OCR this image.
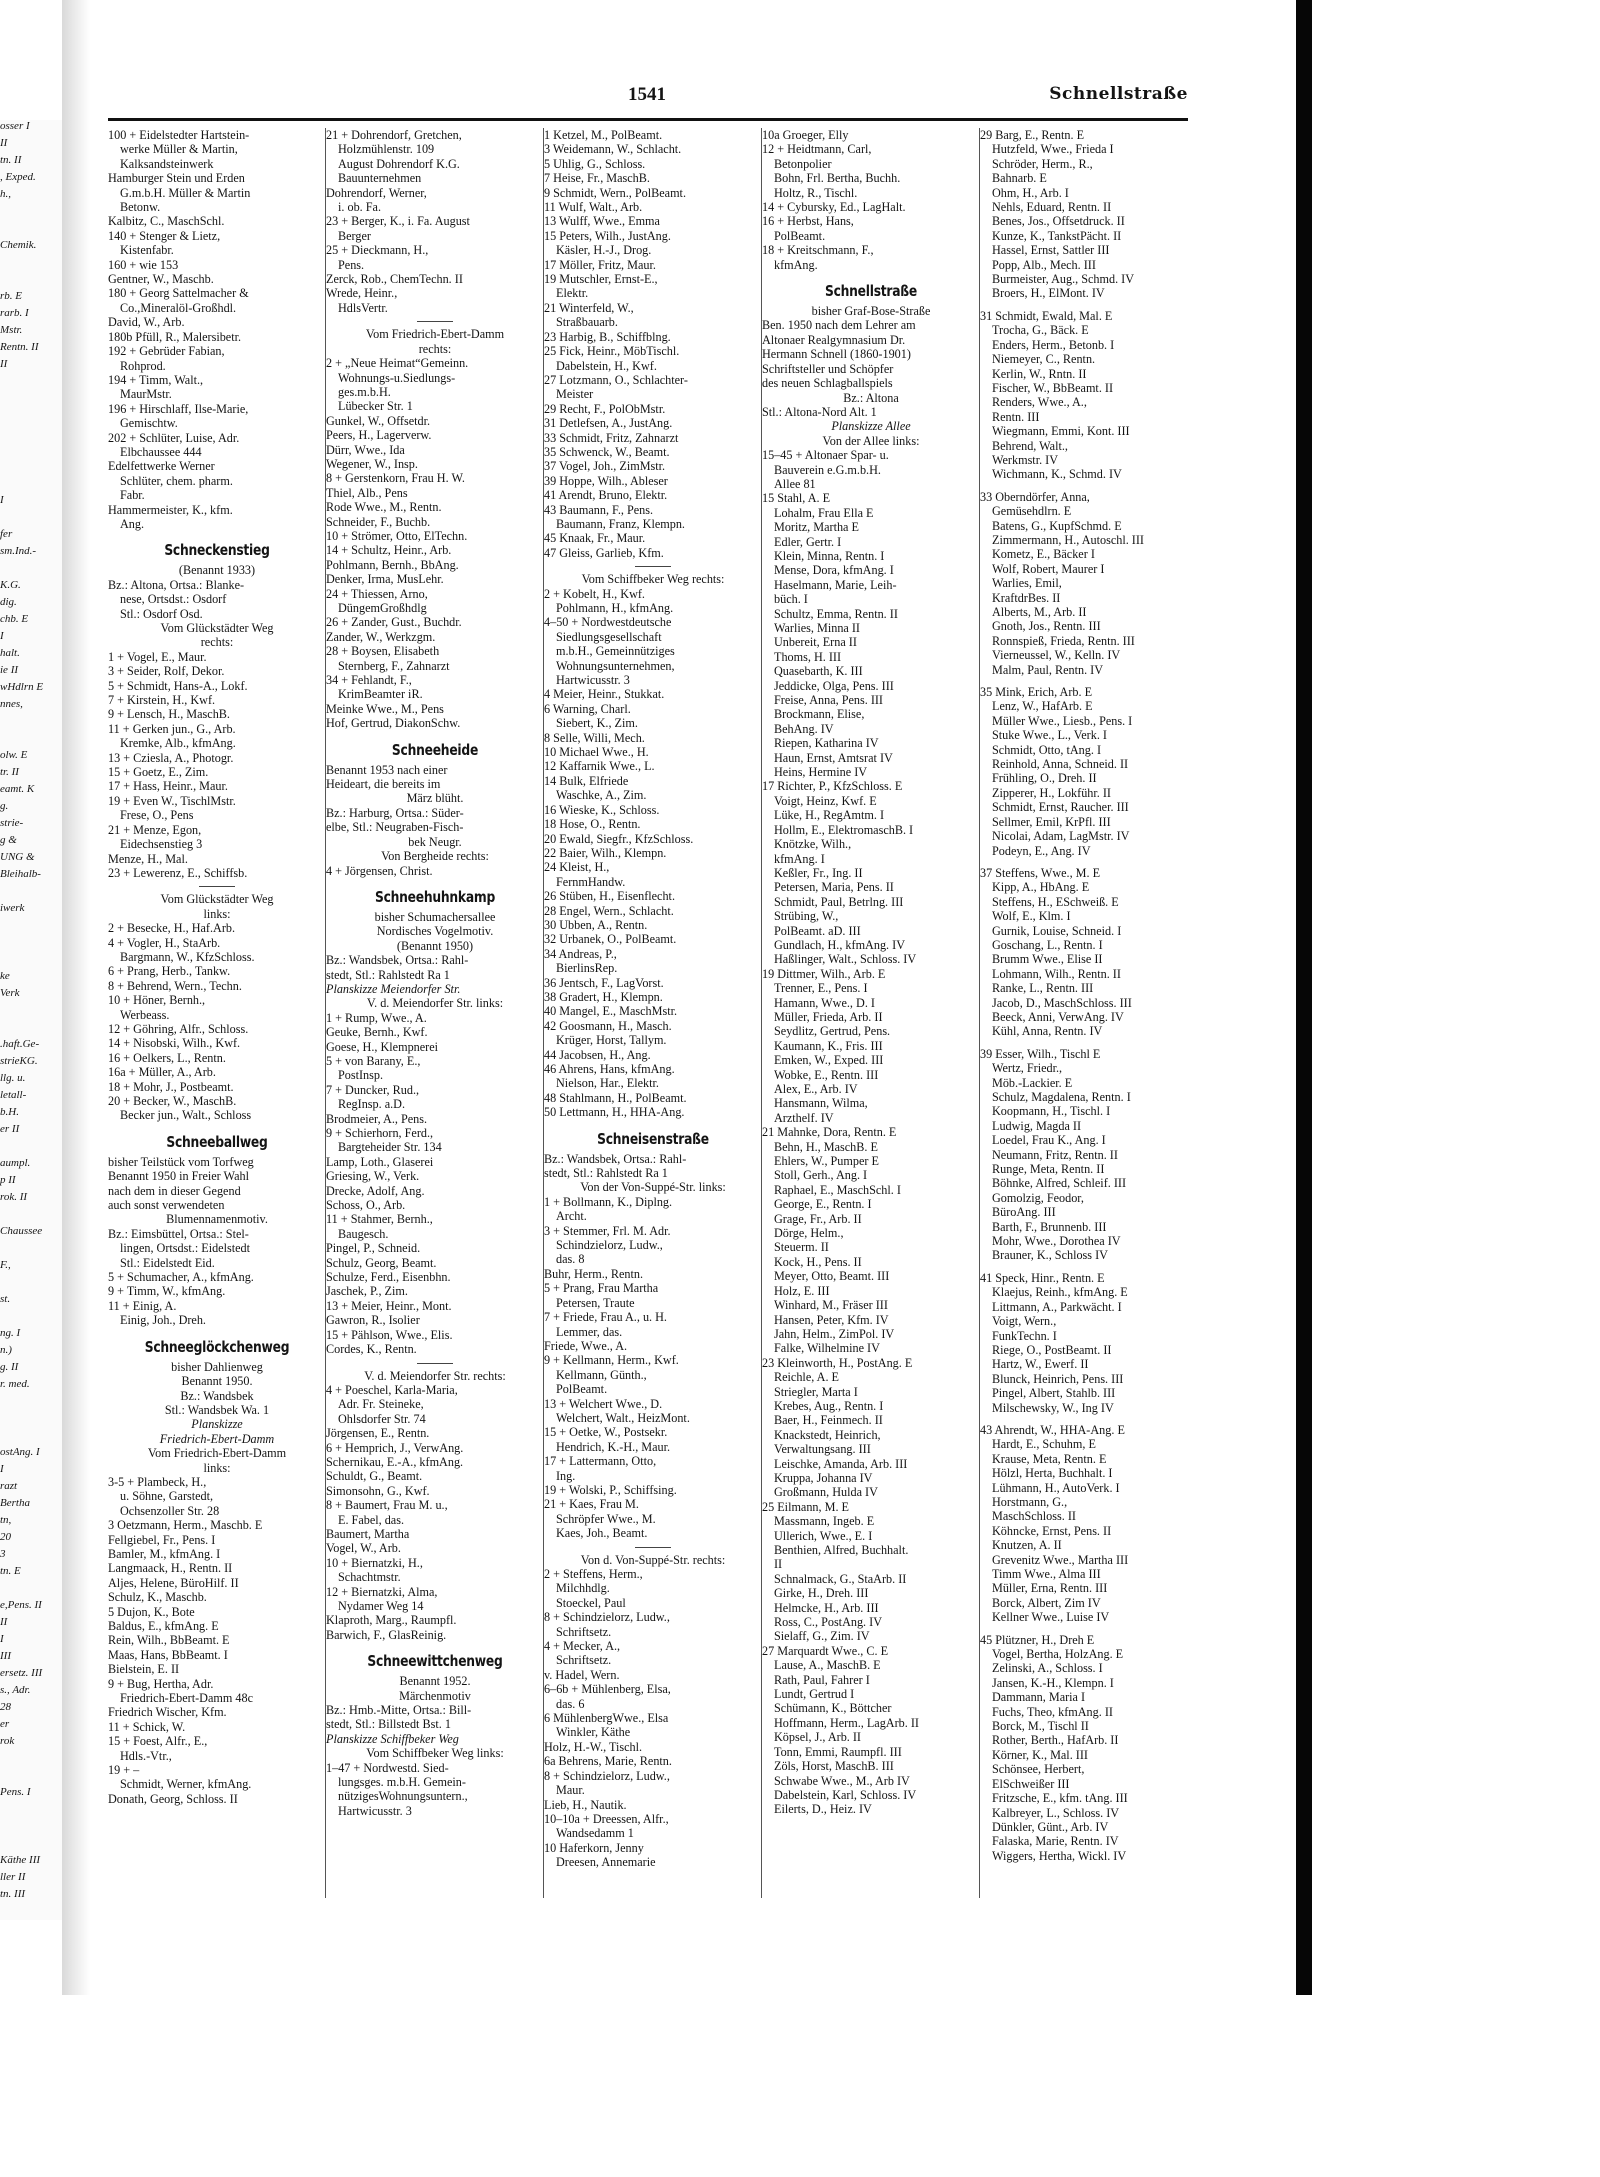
osser I
II
tn. II
, Exped.
h.,
Chemik.
rb. E
rarb. I
Mstr.
Rentn. II
II
I
fer
sm.Ind.-
K.G.
dig.
chb. E
I
halt.
ie II
wHdlrn E
nnes,
olw. E
tr. II
eamt. K
g.
strie-
g &
UNG &
Bleihalb-
iwerk
ke
Verk
.haft.Ge-
strieKG.
llg. u.
letall-
b.H.
er II
aumpl.
p II
rok. II
Chaussee
F.,
st.
ng. I
n.)
g. II
r. med.
ostAng. I
I
razt
Bertha
tn,
20
3
tn. E
e,Pens. II
II
I
III
ersetz. III
s., Adr.
28
er
rok
Pens. I
Käthe III
ller II
tn. III
1541	Schnellstraße
100 + Eidelstedter Hartstein-
werke Müller & Martin,
Kalksandsteinwerk
Hamburger Stein und Erden
G.m.b.H. Müller & Martin
Betonw.
Kalbitz, C., MaschSchl.
140 + Stenger & Lietz,
Kistenfabr.
160 + wie 153
Gentner, W., Maschb.
180 + Georg Sattelmacher &
Co.,Mineralöl-Großhdl.
David, W., Arb.
180b Pfüll, R., Malersibetr.
192 + Gebrüder Fabian,
Rohprod.
194 + Timm, Walt.,
MaurMstr.
196 + Hirschlaff, Ilse-Marie,
Gemischtw.
202 + Schlüter, Luise, Adr.
Elbchaussee 444
Edelfettwerke Werner
Schlüter, chem. pharm.
Fabr.
Hammermeister, K., kfm.
Ang.
Schneckenstieg
(Benannt 1933)
Bz.: Altona, Ortsa.: Blanke-
nese, Ortsdst.: Osdorf
Stl.: Osdorf Osd.
Vom Glückstädter Weg
rechts:
1 + Vogel, E., Maur.
3 + Seider, Rolf, Dekor.
5 + Schmidt, Hans-A., Lokf.
7 + Kirstein, H., Kwf.
9 + Lensch, H., MaschB.
11 + Gerken jun., G., Arb.
Kremke, Alb., kfmAng.
13 + Cziesla, A., Photogr.
15 + Goetz, E., Zim.
17 + Hass, Heinr., Maur.
19 + Even W., TischlMstr.
Frese, O., Pens
21 + Menze, Egon,
Eidechsenstieg 3
Menze, H., Mal.
23 + Lewerenz, E., Schiffsb.
Vom Glückstädter Weg
links:
2 + Besecke, H., Haf.Arb.
4 + Vogler, H., StaArb.
Bargmann, W., KfzSchloss.
6 + Prang, Herb., Tankw.
8 + Behrend, Wern., Techn.
10 + Höner, Bernh.,
Werbeass.
12 + Göhring, Alfr., Schloss.
14 + Nisobski, Wilh., Kwf.
16 + Oelkers, L., Rentn.
16a + Müller, A., Arb.
18 + Mohr, J., Postbeamt.
20 + Becker, W., MaschB.
Becker jun., Walt., Schloss
Schneeballweg
bisher Teilstück vom Torfweg
Benannt 1950 in Freier Wahl
nach dem in dieser Gegend
auch sonst verwendeten
Blumennamenmotiv.
Bz.: Eimsbüttel, Ortsa.: Stel-
lingen, Ortsdst.: Eidelstedt
Stl.: Eidelstedt Eid.
5 + Schumacher, A., kfmAng.
9 + Timm, W., kfmAng.
11 + Einig, A.
Einig, Joh., Dreh.
Schneeglöckchenweg
bisher Dahlienweg
Benannt 1950.
Bz.: Wandsbek
Stl.: Wandsbek Wa. 1
Planskizze
Friedrich-Ebert-Damm
Vom Friedrich-Ebert-Damm
links:
3-5 + Plambeck, H.,
u. Söhne, Garstedt,
Ochsenzoller Str. 28
3 Oetzmann, Herm., Maschb. E
Fellgiebel, Fr., Pens. I
Bamler, M., kfmAng. I
Langmaack, H., Rentn. II
Aljes, Helene, BüroHilf. II
Schulz, K., Maschb.
5 Dujon, K., Bote
Baldus, E., kfmAng. E
Rein, Wilh., BbBeamt. E
Maas, Hans, BbBeamt. I
Bielstein, E. II
9 + Bug, Hertha, Adr.
Friedrich-Ebert-Damm 48c
Friedrich Wischer, Kfm.
11 + Schick, W.
15 + Foest, Alfr., E.,
Hdls.-Vtr.,
19 + –
Schmidt, Werner, kfmAng.
Donath, Georg, Schloss. II
21 + Dohrendorf, Gretchen,
Holzmühlenstr. 109
August Dohrendorf K.G.
Bauunternehmen
Dohrendorf, Werner,
i. ob. Fa.
23 + Berger, K., i. Fa. August
Berger
25 + Dieckmann, H.,
Pens.
Zerck, Rob., ChemTechn. II
Wrede, Heinr.,
HdlsVertr.
Vom Friedrich-Ebert-Damm
rechts:
2 + „Neue Heimat“Gemeinn.
Wohnungs-u.Siedlungs-
ges.m.b.H.
Lübecker Str. 1
Gunkel, W., Offsetdr.
Peers, H., Lagerverw.
Dürr, Wwe., Ida
Wegener, W., Insp.
8 + Gerstenkorn, Frau H. W.
Thiel, Alb., Pens
Rode Wwe., M., Rentn.
Schneider, F., Buchb.
10 + Strömer, Otto, ElTechn.
14 + Schultz, Heinr., Arb.
Pohlmann, Bernh., BbAng.
Denker, Irma, MusLehr.
24 + Thiessen, Arno,
DüngemGroßhdlg
26 + Zander, Gust., Buchdr.
Zander, W., Werkzgm.
28 + Boysen, Elisabeth
Sternberg, F., Zahnarzt
34 + Fehlandt, F.,
KrimBeamter iR.
Meinke Wwe., M., Pens
Hof, Gertrud, DiakonSchw.
Schneeheide
Benannt 1953 nach einer
Heideart, die bereits im
März blüht.
Bz.: Harburg, Ortsa.: Süder-
elbe, Stl.: Neugraben-Fisch-
bek Neugr.
Von Bergheide rechts:
4 + Jörgensen, Christ.
Schneehuhnkamp
bisher Schumachersallee
Nordisches Vogelmotiv.
(Benannt 1950)
Bz.: Wandsbek, Ortsa.: Rahl-
stedt, Stl.: Rahlstedt Ra 1
Planskizze Meiendorfer Str.
V. d. Meiendorfer Str. links:
1 + Rump, Wwe., A.
Geuke, Bernh., Kwf.
Goese, H., Klempnerei
5 + von Barany, E.,
PostInsp.
7 + Duncker, Rud.,
RegInsp. a.D.
Brodmeier, A., Pens.
9 + Schierhorn, Ferd.,
Bargteheider Str. 134
Lamp, Loth., Glaserei
Griesing, W., Verk.
Drecke, Adolf, Ang.
Schoss, O., Arb.
11 + Stahmer, Bernh.,
Baugesch.
Pingel, P., Schneid.
Schulz, Georg, Beamt.
Schulze, Ferd., Eisenbhn.
Jaschek, P., Zim.
13 + Meier, Heinr., Mont.
Gawron, R., Isolier
15 + Pählson, Wwe., Elis.
Cordes, K., Rentn.
V. d. Meiendorfer Str. rechts:
4 + Poeschel, Karla-Maria,
Adr. Fr. Steineke,
Ohlsdorfer Str. 74
Jörgensen, E., Rentn.
6 + Hemprich, J., VerwAng.
Schernikau, E.-A., kfmAng.
Schuldt, G., Beamt.
Simonsohn, G., Kwf.
8 + Baumert, Frau M. u.,
E. Fabel, das.
Baumert, Martha
Vogel, W., Arb.
10 + Biernatzki, H.,
Schachtmstr.
12 + Biernatzki, Alma,
Nydamer Weg 14
Klaproth, Marg., Raumpfl.
Barwich, F., GlasReinig.
Schneewittchenweg
Benannt 1952.
Märchenmotiv
Bz.: Hmb.-Mitte, Ortsa.: Bill-
stedt, Stl.: Billstedt Bst. 1
Planskizze Schiffbeker Weg
Vom Schiffbeker Weg links:
1–47 + Nordwestd. Sied-
lungsges. m.b.H. Gemein-
nützigesWohnungsuntern.,
Hartwicusstr. 3
1 Ketzel, M., PolBeamt.
3 Weidemann, W., Schlacht.
5 Uhlig, G., Schloss.
7 Heise, Fr., MaschB.
9 Schmidt, Wern., PolBeamt.
11 Wulf, Walt., Arb.
13 Wulff, Wwe., Emma
15 Peters, Wilh., JustAng.
Käsler, H.-J., Drog.
17 Möller, Fritz, Maur.
19 Mutschler, Ernst-E.,
Elektr.
21 Winterfeld, W.,
Straßbauarb.
23 Harbig, B., Schiffblng.
25 Fick, Heinr., MöbTischl.
Dabelstein, H., Kwf.
27 Lotzmann, O., Schlachter-
Meister
29 Recht, F., PolObMstr.
31 Detlefsen, A., JustAng.
33 Schmidt, Fritz, Zahnarzt
35 Schwenck, W., Beamt.
37 Vogel, Joh., ZimMstr.
39 Hoppe, Wilh., Ableser
41 Arendt, Bruno, Elektr.
43 Baumann, F., Pens.
Baumann, Franz, Klempn.
45 Knaak, Fr., Maur.
47 Gleiss, Garlieb, Kfm.
Vom Schiffbeker Weg rechts:
2 + Kobelt, H., Kwf.
Pohlmann, H., kfmAng.
4–50 + Nordwestdeutsche
Siedlungsgesellschaft
m.b.H., Gemeinnütziges
Wohnungsunternehmen,
Hartwicusstr. 3
4 Meier, Heinr., Stukkat.
6 Warning, Charl.
Siebert, K., Zim.
8 Selle, Willi, Mech.
10 Michael Wwe., H.
12 Kaffarnik Wwe., L.
14 Bulk, Elfriede
Waschke, A., Zim.
16 Wieske, K., Schloss.
18 Hose, O., Rentn.
20 Ewald, Siegfr., KfzSchloss.
22 Baier, Wilh., Klempn.
24 Kleist, H.,
FernmHandw.
26 Stüben, H., Eisenflecht.
28 Engel, Wern., Schlacht.
30 Ubben, A., Rentn.
32 Urbanek, O., PolBeamt.
34 Andreas, P.,
BierlinsRep.
36 Jentsch, F., LagVorst.
38 Gradert, H., Klempn.
40 Mangel, E., MaschMstr.
42 Goosmann, H., Masch.
Krüger, Horst, Tallym.
44 Jacobsen, H., Ang.
46 Ahrens, Hans, kfmAng.
Nielson, Har., Elektr.
48 Stahlmann, H., PolBeamt.
50 Lettmann, H., HHA-Ang.
Schneisenstraße
Bz.: Wandsbek, Ortsa.: Rahl-
stedt, Stl.: Rahlstedt Ra 1
Von der Von-Suppé-Str. links:
1 + Bollmann, K., Diplng.
Archt.
3 + Stemmer, Frl. M. Adr.
Schindzielorz, Ludw.,
das. 8
Buhr, Herm., Rentn.
5 + Prang, Frau Martha
Petersen, Traute
7 + Friede, Frau A., u. H.
Lemmer, das.
Friede, Wwe., A.
9 + Kellmann, Herm., Kwf.
Kellmann, Günth.,
PolBeamt.
13 + Welchert Wwe., D.
Welchert, Walt., HeizMont.
15 + Oetke, W., Postsekr.
Hendrich, K.-H., Maur.
17 + Lattermann, Otto,
Ing.
19 + Wolski, P., Schiffsing.
21 + Kaes, Frau M.
Schröpfer Wwe., M.
Kaes, Joh., Beamt.
Von d. Von-Suppé-Str. rechts:
2 + Steffens, Herm.,
Milchhdlg.
Stoeckel, Paul
8 + Schindzielorz, Ludw.,
Schriftsetz.
4 + Mecker, A.,
Schriftsetz.
v. Hadel, Wern.
6–6b + Mühlenberg, Elsa,
das. 6
6 MühlenbergWwe., Elsa
Winkler, Käthe
Holz, H.-W., Tischl.
6a Behrens, Marie, Rentn.
8 + Schindzielorz, Ludw.,
Maur.
Lieb, H., Nautik.
10–10a + Dreessen, Alfr.,
Wandsedamm 1
10 Haferkorn, Jenny
Dreesen, Annemarie
10a Groeger, Elly
12 + Heidtmann, Carl,
Betonpolier
Bohn, Frl. Bertha, Buchh.
Holtz, R., Tischl.
14 + Cybursky, Ed., LagHalt.
16 + Herbst, Hans,
PolBeamt.
18 + Kreitschmann, F.,
kfmAng.
Schnellstraße
bisher Graf-Bose-Straße
Ben. 1950 nach dem Lehrer am
Altonaer Realgymnasium Dr.
Hermann Schnell (1860-1901)
Schriftsteller und Schöpfer
des neuen Schlagballspiels
Bz.: Altona
Stl.: Altona-Nord Alt. 1
Planskizze Allee
Von der Allee links:
15–45 + Altonaer Spar- u.
Bauverein e.G.m.b.H.
Allee 81
15 Stahl, A. E
Lohalm, Frau Ella E
Moritz, Martha E
Edler, Gertr. I
Klein, Minna, Rentn. I
Mense, Dora, kfmAng. I
Haselmann, Marie, Leih-
büch. I
Schultz, Emma, Rentn. II
Warlies, Minna II
Unbereit, Erna II
Thoms, H. III
Quasebarth, K. III
Jeddicke, Olga, Pens. III
Freise, Anna, Pens. III
Brockmann, Elise,
BehAng. IV
Riepen, Katharina IV
Haun, Ernst, Amtsrat IV
Heins, Hermine IV
17 Richter, P., KfzSchloss. E
Voigt, Heinz, Kwf. E
Lüke, H., RegAmtm. I
Hollm, E., ElektromaschB. I
Knötzke, Wilh.,
kfmAng. I
Keßler, Fr., Ing. II
Petersen, Maria, Pens. II
Schmidt, Paul, Betrlng. III
Strübing, W.,
PolBeamt. aD. III
Gundlach, H., kfmAng. IV
Haßlinger, Walt., Schloss. IV
19 Dittmer, Wilh., Arb. E
Trenner, E., Pens. I
Hamann, Wwe., D. I
Müller, Frieda, Arb. II
Seydlitz, Gertrud, Pens.
Kaumann, K., Fris. III
Emken, W., Exped. III
Wobke, E., Rentn. III
Alex, E., Arb. IV
Hansmann, Wilma,
Arzthelf. IV
21 Mahnke, Dora, Rentn. E
Behn, H., MaschB. E
Ehlers, W., Pumper E
Stoll, Gerh., Ang. I
Raphael, E., MaschSchl. I
George, E., Rentn. I
Grage, Fr., Arb. II
Dörge, Helm.,
Steuerm. II
Kock, H., Pens. II
Meyer, Otto, Beamt. III
Holz, E. III
Winhard, M., Fräser III
Hansen, Peter, Kfm. IV
Jahn, Helm., ZimPol. IV
Falke, Wilhelmine IV
23 Kleinworth, H., PostAng. E
Reichle, A. E
Striegler, Marta I
Krebes, Aug., Rentn. I
Baer, H., Feinmech. II
Knackstedt, Heinrich,
Verwaltungsang. III
Leischke, Amanda, Arb. III
Kruppa, Johanna IV
Großmann, Hulda IV
25 Eilmann, M. E
Massmann, Ingeb. E
Ullerich, Wwe., E. I
Benthien, Alfred, Buchhalt.
II
Schnalmack, G., StaArb. II
Girke, H., Dreh. III
Helmcke, H., Arb. III
Ross, C., PostAng. IV
Sielaff, G., Zim. IV
27 Marquardt Wwe., C. E
Lause, A., MaschB. E
Rath, Paul, Fahrer I
Lundt, Gertrud I
Schümann, K., Böttcher
Hoffmann, Herm., LagArb. II
Köpsel, J., Arb. II
Tonn, Emmi, Raumpfl. III
Zöls, Horst, MaschB. III
Schwabe Wwe., M., Arb IV
Dabelstein, Karl, Schloss. IV
Eilerts, D., Heiz. IV
29 Barg, E., Rentn. E
Hutzfeld, Wwe., Frieda I
Schröder, Herm., R.,
Bahnarb. E
Ohm, H., Arb. I
Nehls, Eduard, Rentn. II
Benes, Jos., Offsetdruck. II
Kunze, K., TankstPächt. II
Hassel, Ernst, Sattler III
Popp, Alb., Mech. III
Burmeister, Aug., Schmd. IV
Broers, H., ElMont. IV
31 Schmidt, Ewald, Mal. E
Trocha, G., Bäck. E
Enders, Herm., Betonb. I
Niemeyer, C., Rentn.
Kerlin, W., Rntn. II
Fischer, W., BbBeamt. II
Renders, Wwe., A.,
Rentn. III
Wiegmann, Emmi, Kont. III
Behrend, Walt.,
Werkmstr. IV
Wichmann, K., Schmd. IV
33 Oberndörfer, Anna,
Gemüsehdlrn. E
Batens, G., KupfSchmd. E
Zimmermann, H., Autoschl. III
Kometz, E., Bäcker I
Wolf, Robert, Maurer I
Warlies, Emil,
KraftdrBes. II
Alberts, M., Arb. II
Gnoth, Jos., Rentn. III
Ronnspieß, Frieda, Rentn. III
Vierneussel, W., Kelln. IV
Malm, Paul, Rentn. IV
35 Mink, Erich, Arb. E
Lenz, W., HafArb. E
Müller Wwe., Liesb., Pens. I
Stuke Wwe., L., Verk. I
Schmidt, Otto, tAng. I
Reinhold, Anna, Schneid. II
Frühling, O., Dreh. II
Zipperer, H., Lokführ. II
Schmidt, Ernst, Raucher. III
Sellmer, Emil, KrPfl. III
Nicolai, Adam, LagMstr. IV
Podeyn, E., Ang. IV
37 Steffens, Wwe., M. E
Kipp, A., HbAng. E
Steffens, H., ESchweiß. E
Wolf, E., Klm. I
Gurnik, Louise, Schneid. I
Goschang, L., Rentn. I
Brumm Wwe., Elise II
Lohmann, Wilh., Rentn. II
Ranke, L., Rentn. III
Jacob, D., MaschSchloss. III
Beeck, Anni, VerwAng. IV
Kühl, Anna, Rentn. IV
39 Esser, Wilh., Tischl E
Wertz, Friedr.,
Möb.-Lackier. E
Schulz, Magdalena, Rentn. I
Koopmann, H., Tischl. I
Ludwig, Magda II
Loedel, Frau K., Ang. I
Neumann, Fritz, Rentn. II
Runge, Meta, Rentn. II
Böhnke, Alfred, Schleif. III
Gomolzig, Feodor,
BüroAng. III
Barth, F., Brunnenb. III
Mohr, Wwe., Dorothea IV
Brauner, K., Schloss IV
41 Speck, Hinr., Rentn. E
Klaejus, Reinh., kfmAng. E
Littmann, A., Parkwächt. I
Voigt, Wern.,
FunkTechn. I
Riege, O., PostBeamt. II
Hartz, W., Ewerf. II
Blunck, Heinrich, Pens. III
Pingel, Albert, Stahlb. III
Milschewsky, W., Ing IV
43 Ahrendt, W., HHA-Ang. E
Hardt, E., Schuhm, E
Krause, Meta, Rentn. E
Hölzl, Herta, Buchhalt. I
Lühmann, H., AutoVerk. I
Horstmann, G.,
MaschSchloss. II
Köhncke, Ernst, Pens. II
Knutzen, A. II
Grevenitz Wwe., Martha III
Timm Wwe., Alma III
Müller, Erna, Rentn. III
Borck, Albert, Zim IV
Kellner Wwe., Luise IV
45 Plützner, H., Dreh E
Vogel, Bertha, HolzAng. E
Zelinski, A., Schloss. I
Jansen, K.-H., Klempn. I
Dammann, Maria I
Fuchs, Theo, kfmAng. II
Borck, M., Tischl II
Rother, Berth., HafArb. II
Körner, K., Mal. III
Schönsee, Herbert,
ElSchweißer III
Fritzsche, E., kfm. tAng. III
Kalbreyer, L., Schloss. IV
Dünkler, Günt., Arb. IV
Falaska, Marie, Rentn. IV
Wiggers, Hertha, Wickl. IV
